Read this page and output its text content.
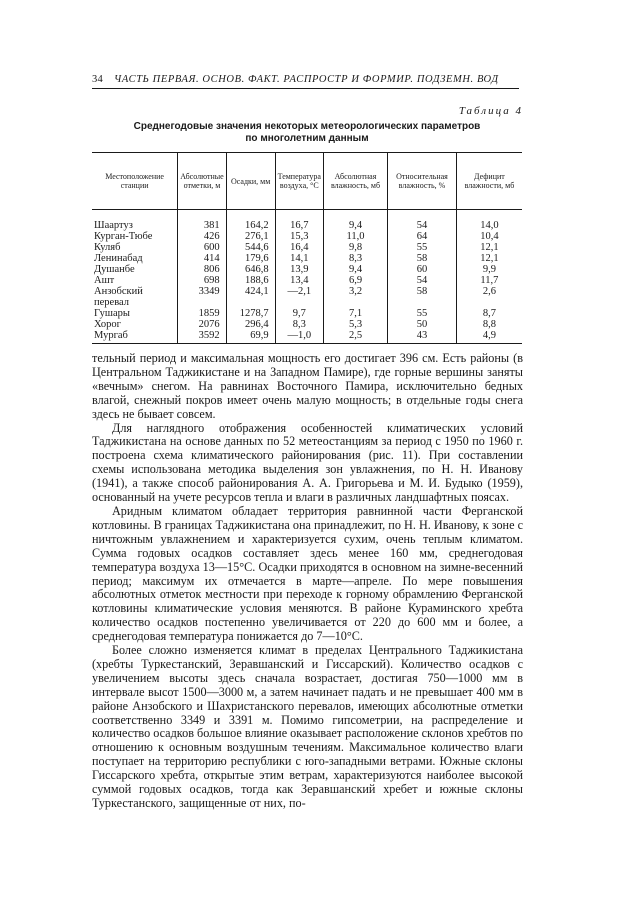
34	ЧАСТЬ ПЕРВАЯ. ОСНОВ. ФАКТ. РАСПРОСТР И ФОРМИР. ПОДЗЕМН. ВОД
Таблица 4
Среднегодовые значения некоторых метеорологических параметров
по многолетним данным
Местоположение станции	Абсолютные отметки, м	Осадки, мм	Температура воздуха, °С	Абсолютная влажность, мб	Относительная влажность, %	Дефицит влажности, мб

Шаартуз	381	164,2	16,7	9,4	54	14,0
Курган-Тюбе	426	276,1	15,3	11,0	64	10,4
Куляб	600	544,6	16,4	9,8	55	12,1
Ленинабад	414	179,6	14,1	8,3	58	12,1
Душанбе	806	646,8	13,9	9,4	60	9,9
Ашт	698	188,6	13,4	6,9	54	11,7
Анзобский	3349	424,1	—2,1	3,2	58	2,6
перевал						
Гушары	1859	1278,7	9,7	7,1	55	8,7
Хорог	2076	296,4	8,3	5,3	50	8,8
Мургаб	3592	69,9	—1,0	2,5	43	4,9

тельный период и максимальная мощность его достигает 396 см. Есть районы (в Центральном Таджикистане и на Западном Памире), где горные вершины заняты «вечным» снегом. На равнинах Восточного Памира, исключительно бедных влагой, снежный покров имеет очень малую мощность; в отдельные годы снега здесь не бывает совсем.

Для наглядного отображения особенностей климатических условий Таджикистана на основе данных по 52 метеостанциям за период с 1950 по 1960 г. построена схема климатического районирования (рис. 11). При составлении схемы использована методика выделения зон увлажнения, по Н. Н. Иванову (1941), а также способ районирования А. А. Григорьева и М. И. Будыко (1959), основанный на учете ресурсов тепла и влаги в различных ландшафтных поясах.

Аридным климатом обладает территория равнинной части Ферганской котловины. В границах Таджикистана она принадлежит, по Н. Н. Иванову, к зоне с ничтожным увлажнением и характеризуется сухим, очень теплым климатом. Сумма годовых осадков составляет здесь менее 160 мм, среднегодовая температура воздуха 13—15°С. Осадки приходятся в основном на зимне-весенний период; максимум их отмечается в марте—апреле. По мере повышения абсолютных отметок местности при переходе к горному обрамлению Ферганской котловины климатические условия меняются. В районе Кураминского хребта количество осадков постепенно увеличивается от 220 до 600 мм и более, а среднегодовая температура понижается до 7—10°С.

Более сложно изменяется климат в пределах Центрального Таджикистана (хребты Туркестанский, Зеравшанский и Гиссарский). Количество осадков с увеличением высоты здесь сначала возрастает, достигая 750—1000 мм в интервале высот 1500—3000 м, а затем начинает падать и не превышает 400 мм в районе Анзобского и Шахристанского перевалов, имеющих абсолютные отметки соответственно 3349 и 3391 м. Помимо гипсометрии, на распределение и количество осадков большое влияние оказывает расположение склонов хребтов по отношению к основным воздушным течениям. Максимальное количество влаги поступает на территорию республики с юго-западными ветрами. Южные склоны Гиссарского хребта, открытые этим ветрам, характеризуются наиболее высокой суммой годовых осадков, тогда как Зеравшанский хребет и южные склоны Туркестанского, защищенные от них, по-
